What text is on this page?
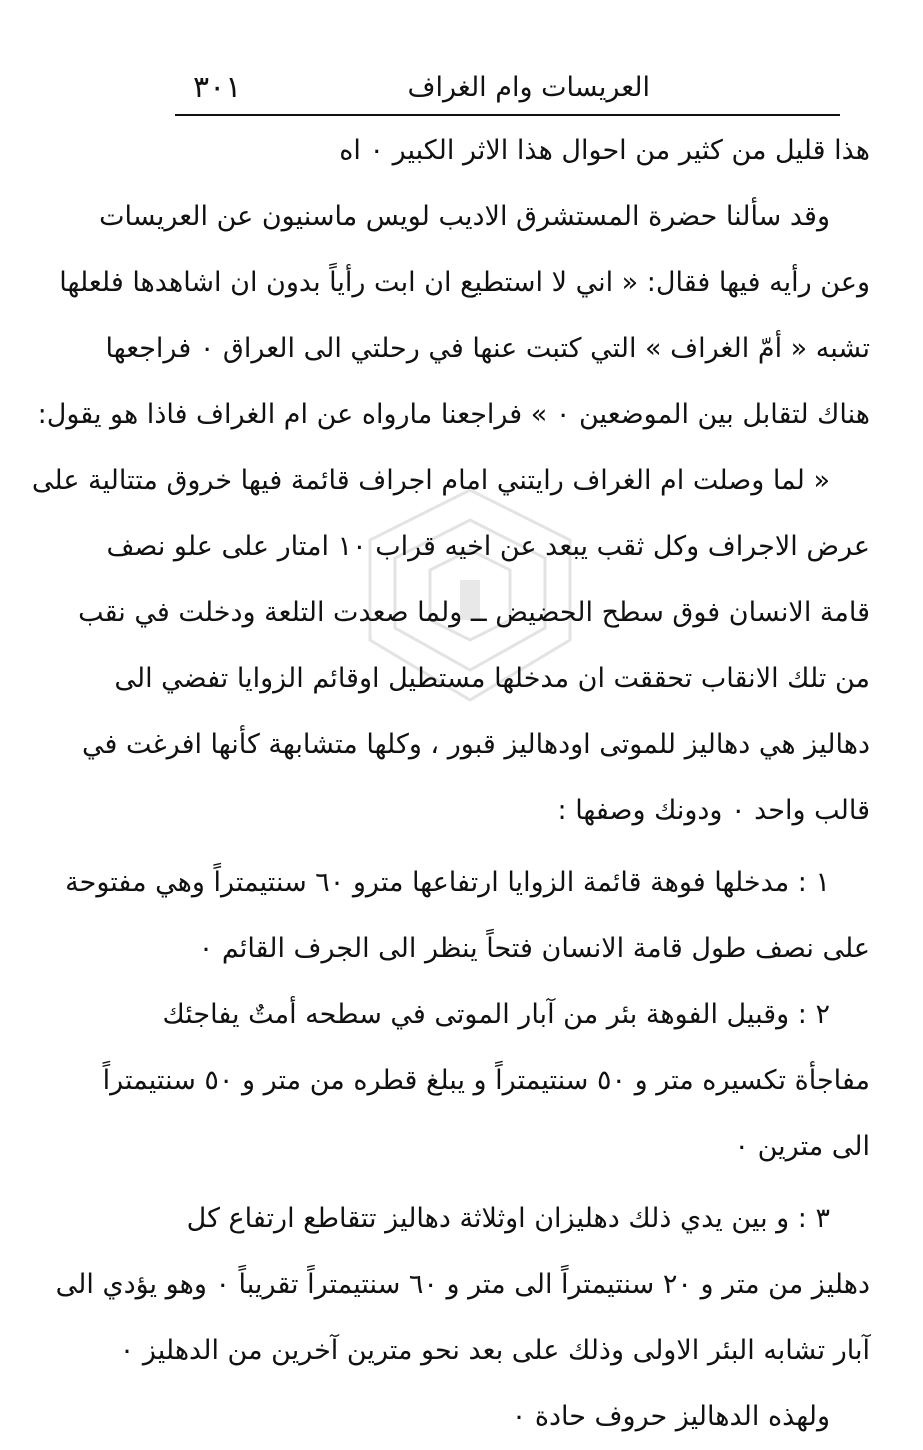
٣٠١	العريسات وام الغراف
هذا قليل من كثير من احوال هذا الاثر الكبير ٠ اه
وقد سألنا حضرة المستشرق الاديب لويس ماسنيون عن العريسات
وعن رأيه فيها فقال: « اني لا استطيع ان ابت رأياً بدون ان اشاهدها فلعلها
تشبه « أمّ الغراف » التي كتبت عنها في رحلتي الى العراق ٠ فراجعها
هناك لتقابل بين الموضعين ٠ » فراجعنا مارواه عن ام الغراف فاذا هو يقول:
« لما وصلت ام الغراف رايتني امام اجراف قائمة فيها خروق متتالية على
عرض الاجراف وكل ثقب يبعد عن اخيه قراب ١٠ امتار على علو نصف
قامة الانسان فوق سطح الحضيض ــ ولما صعدت التلعة ودخلت في نقب
من تلك الانقاب تحققت ان مدخلها مستطيل اوقائم الزوايا تفضي الى
دهاليز هي دهاليز للموتى اودهاليز قبور ، وكلها متشابهة كأنها افرغت في
قالب واحد ٠ ودونك وصفها :
١ : مدخلها فوهة قائمة الزوايا ارتفاعها مترو ٦٠ سنتيمتراً وهي مفتوحة
على نصف طول قامة الانسان فتحاً ينظر الى الجرف القائم ٠
٢ : وقبيل الفوهة بئر من آبار الموتى في سطحه أمتٌ يفاجئك
مفاجأة تكسيره متر و ٥٠ سنتيمتراً و يبلغ قطره من متر و ٥٠ سنتيمتراً
الى مترين ٠
٣ : و بين يدي ذلك دهليزان اوثلاثة دهاليز تتقاطع ارتفاع كل
دهليز من متر و ٢٠ سنتيمتراً الى متر و ٦٠ سنتيمتراً تقريباً ٠ وهو يؤدي الى
آبار تشابه البئر الاولى وذلك على بعد نحو مترين آخرين من الدهليز ٠
ولهذه الدهاليز حروف حادة ٠
